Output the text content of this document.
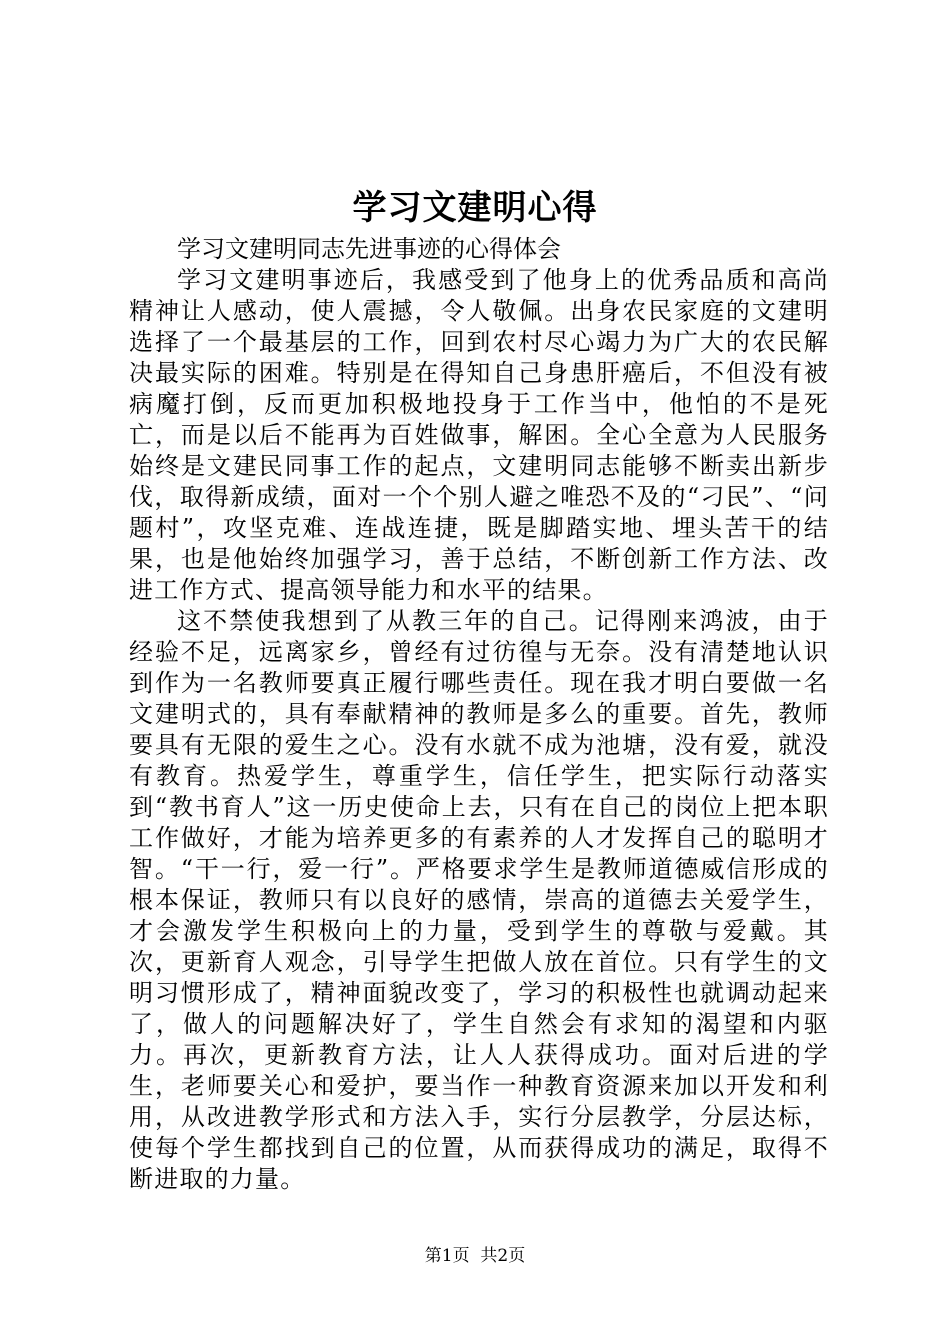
学习文建明心得

学习文建明同志先进事迹的心得体会

学习文建明事迹后，我感受到了他身上的优秀品质和高尚精神让人感动，使人震撼，令人敬佩。出身农民家庭的文建明选择了一个最基层的工作，回到农村尽心竭力为广大的农民解决最实际的困难。特别是在得知自己身患肝癌后，不但没有被病魔打倒，反而更加积极地投身于工作当中，他怕的不是死亡，而是以后不能再为百姓做事，解困。全心全意为人民服务始终是文建民同事工作的起点，文建明同志能够不断卖出新步伐，取得新成绩，面对一个个别人避之唯恐不及的“刁民”、“问题村”，攻坚克难、连战连捷，既是脚踏实地、埋头苦干的结果，也是他始终加强学习，善于总结，不断创新工作方法、改进工作方式、提高领导能力和水平的结果。

这不禁使我想到了从教三年的自己。记得刚来鸿波，由于经验不足，远离家乡，曾经有过彷徨与无奈。没有清楚地认识到作为一名教师要真正履行哪些责任。现在我才明白要做一名文建明式的，具有奉献精神的教师是多么的重要。首先，教师要具有无限的爱生之心。没有水就不成为池塘，没有爱，就没有教育。热爱学生，尊重学生，信任学生，把实际行动落实到“教书育人”这一历史使命上去，只有在自己的岗位上把本职工作做好，才能为培养更多的有素养的人才发挥自己的聪明才智。“干一行，爱一行”。严格要求学生是教师道德威信形成的根本保证，教师只有以良好的感情，崇高的道德去关爱学生，才会激发学生积极向上的力量，受到学生的尊敬与爱戴。其次，更新育人观念，引导学生把做人放在首位。只有学生的文明习惯形成了，精神面貌改变了，学习的积极性也就调动起来了，做人的问题解决好了，学生自然会有求知的渴望和内驱力。再次，更新教育方法，让人人获得成功。面对后进的学生，老师要关心和爱护，要当作一种教育资源来加以开发和利用，从改进教学形式和方法入手，实行分层教学，分层达标，使每个学生都找到自己的位置，从而获得成功的满足，取得不断进取的力量。

第1页  共2页
